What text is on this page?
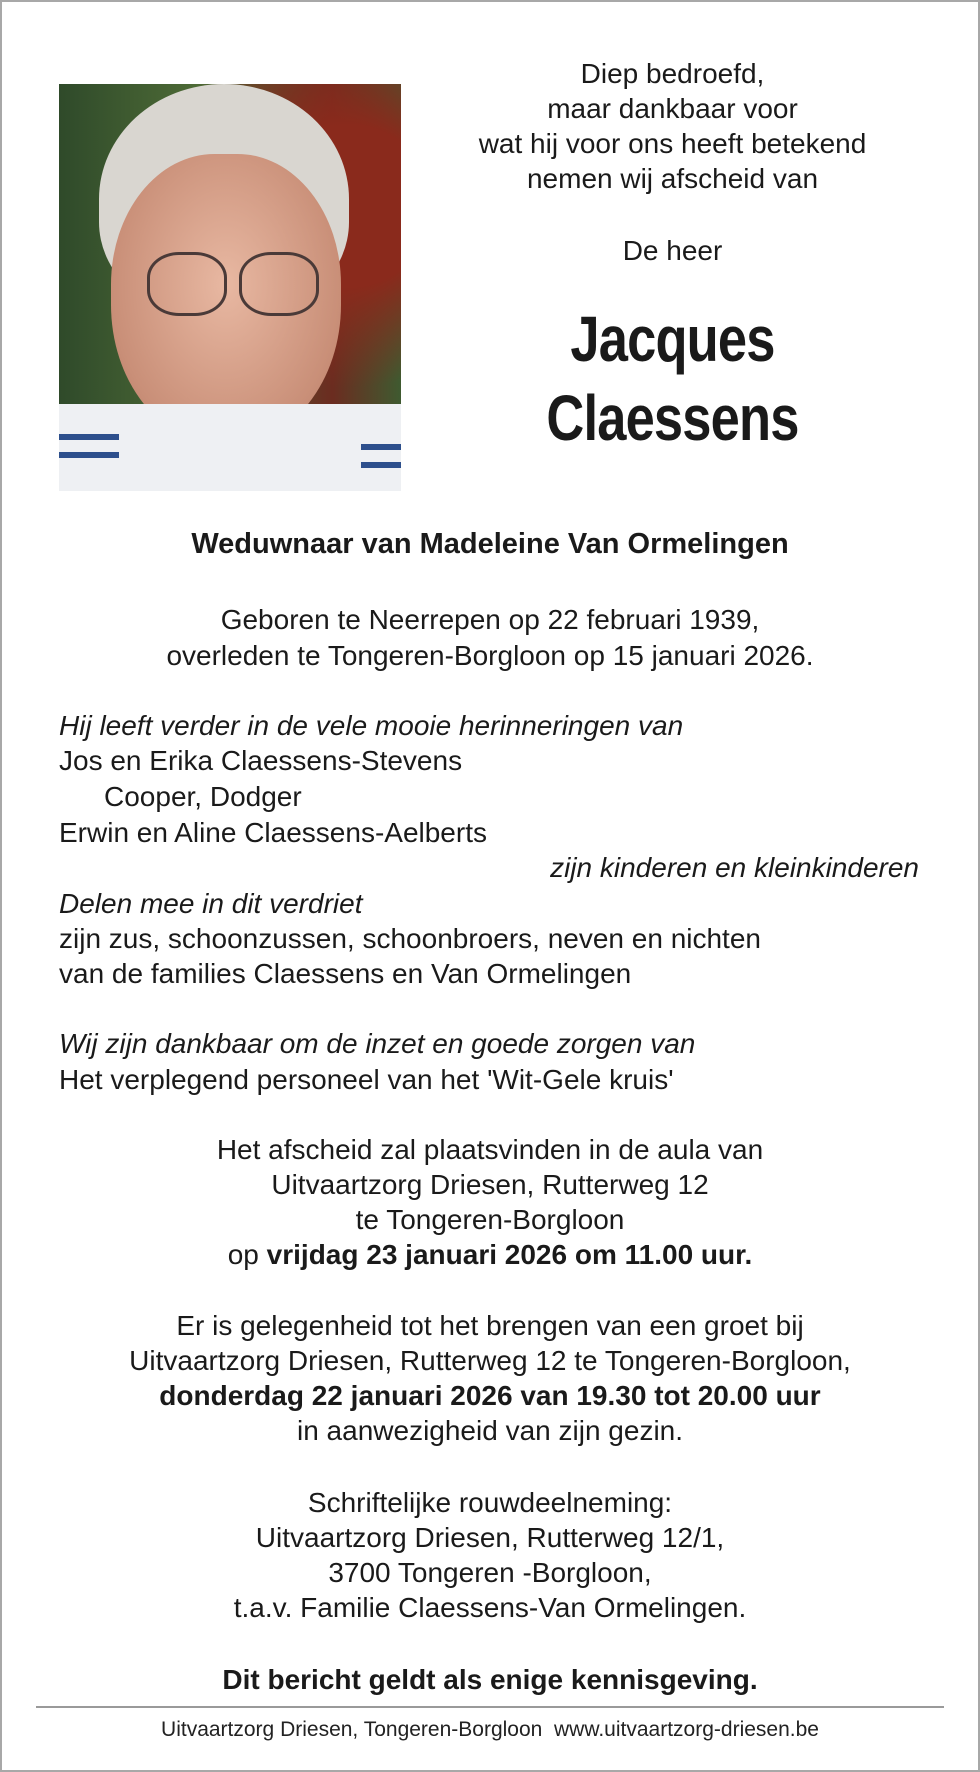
Diep bedroefd,
maar dankbaar voor
wat hij voor ons heeft betekend
nemen wij afscheid van
De heer
Jacques
Claessens
Weduwnaar van Madeleine Van Ormelingen
Geboren te Neerrepen op 22 februari 1939,
overleden te Tongeren-Borgloon op 15 januari 2026.
Hij leeft verder in de vele mooie herinneringen van
Jos en Erika Claessens-Stevens
Cooper, Dodger
Erwin en Aline Claessens-Aelberts
zijn kinderen en kleinkinderen
Delen mee in dit verdriet
zijn zus, schoonzussen, schoonbroers, neven en nichten
van de families Claessens en Van Ormelingen
Wij zijn dankbaar om de inzet en goede zorgen van
Het verplegend personeel van het 'Wit-Gele kruis'
Het afscheid zal plaatsvinden in de aula van
Uitvaartzorg Driesen, Rutterweg 12
te Tongeren-Borgloon
op vrijdag 23 januari 2026 om 11.00 uur.
Er is gelegenheid tot het brengen van een groet bij
Uitvaartzorg Driesen, Rutterweg 12 te Tongeren-Borgloon,
donderdag 22 januari 2026 van 19.30 tot 20.00 uur
in aanwezigheid van zijn gezin.
Schriftelijke rouwdeelneming:
Uitvaartzorg Driesen, Rutterweg 12/1,
3700 Tongeren -Borgloon,
t.a.v. Familie Claessens-Van Ormelingen.
Dit bericht geldt als enige kennisgeving.
Uitvaartzorg Driesen, Tongeren-Borgloon  www.uitvaartzorg-driesen.be
